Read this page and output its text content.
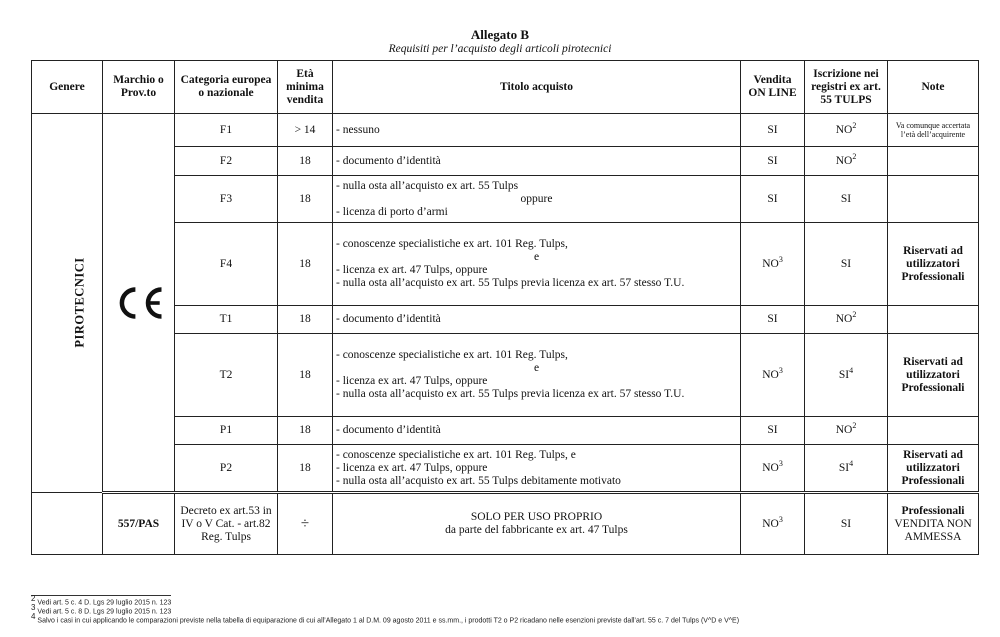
Allegato B
Requisiti per l’acquisto degli articoli pirotecnici
Genere	Marchio o Prov.to	Categoria europea o nazionale	Età minima vendita	Titolo acquisto	Vendita ON LINE	Iscrizione nei registri ex art. 55 TULPS	Note
PIROTECNICI		F1	> 14	- nessuno	SI	$NO^2$	Va comunque accertata l’età dell’acquirente
		F2	18	- documento d’identità	SI	$NO^2$	
		F3	18	- nulla osta all’acquisto ex art. 55 Tulps
oppure
- licenza di porto d’armi	SI	SI	
		F4	18	- conoscenze specialistiche ex art. 101 Reg. Tulps,
e
- licenza ex art. 47 Tulps, oppure
- nulla osta all’acquisto ex art. 55 Tulps previa licenza ex art. 57 stesso T.U.	$NO^3$	SI	Riservati ad utilizzatori Professionali
		T1	18	- documento d’identità	SI	$NO^2$	
		T2	18	- conoscenze specialistiche ex art. 101 Reg. Tulps,
e
- licenza ex art. 47 Tulps, oppure
- nulla osta all’acquisto ex art. 55 Tulps previa licenza ex art. 57 stesso T.U.	$NO^3$	$SI^4$	Riservati ad utilizzatori Professionali
		P1	18	- documento d’identità	SI	$NO^2$	
		P2	18	- conoscenze specialistiche ex art. 101 Reg. Tulps, e
- licenza ex art. 47 Tulps, oppure
- nulla osta all’acquisto ex art. 55 Tulps debitamente motivato	$NO^3$	$SI^4$	Riservati ad utilizzatori Professionali
	557/PAS	Decreto ex art.53 in IV o V Cat. - art.82 Reg. Tulps	÷	SOLO PER USO PROPRIO
da parte del fabbricante ex art. 47 Tulps	$NO^3$	SI	Professionali
VENDITA NON AMMESSA
$^2$ Vedi art. 5 c. 4 D. Lgs 29 luglio 2015 n. 123
$^3$ Vedi art. 5 c. 8 D. Lgs 29 luglio 2015 n. 123
$^4$ Salvo i casi in cui applicando le comparazioni previste nella tabella di equiparazione di cui all’Allegato 1 al D.M. 09 agosto 2011 e ss.mm., i prodotti T2 o P2 ricadano nelle esenzioni previste dall’art. 55 c. 7 del Tulps (V^D e V^E)
